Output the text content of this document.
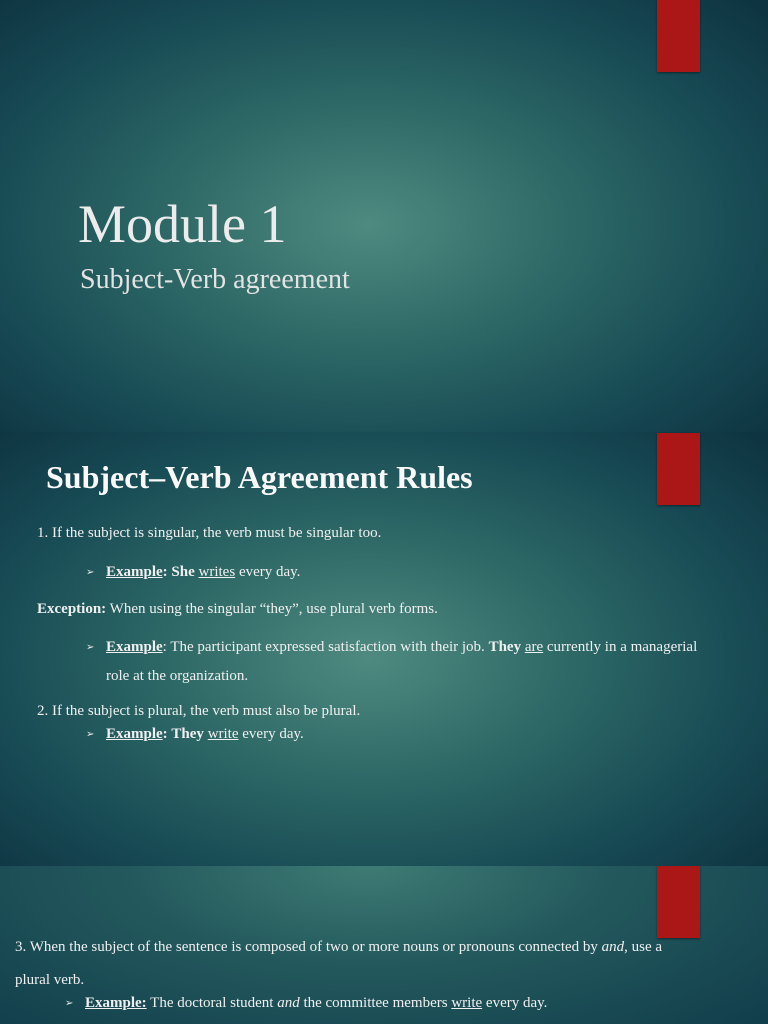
Module 1
Subject-Verb agreement
Subject–Verb Agreement Rules
1. If the subject is singular, the verb must be singular too.
➢ Example: She writes every day.
Exception: When using the singular “they”, use plural verb forms.
➢ Example: The participant expressed satisfaction with their job. They are currently in a managerial
role at the organization.
2. If the subject is plural, the verb must also be plural.
➢ Example: They write every day.
3. When the subject of the sentence is composed of two or more nouns or pronouns connected by and, use a
plural verb.
➢ Example: The doctoral student and the committee members write every day.
